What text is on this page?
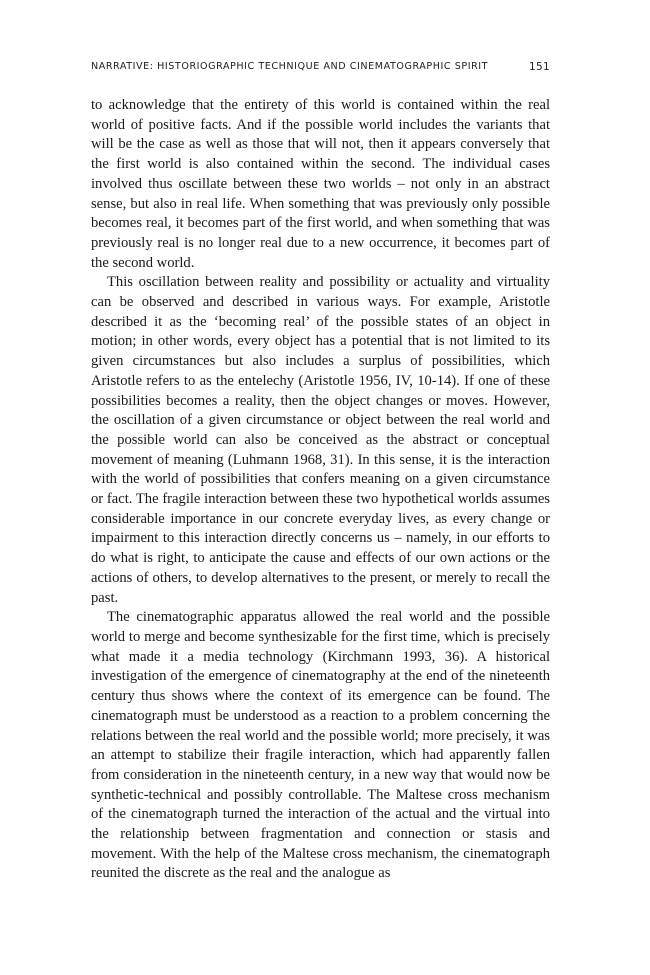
NARRATIVE: HISTORIOGRAPHIC TECHNIQUE AND CINEMATOGRAPHIC SPIRIT	151

to acknowledge that the entirety of this world is contained within the real world of positive facts. And if the possible world includes the variants that will be the case as well as those that will not, then it appears conversely that the first world is also contained within the second. The individual cases involved thus oscillate between these two worlds – not only in an abstract sense, but also in real life. When something that was previously only possible becomes real, it becomes part of the first world, and when something that was previously real is no longer real due to a new occurrence, it becomes part of the second world.

This oscillation between reality and possibility or actuality and virtuality can be observed and described in various ways. For example, Aristotle described it as the ‘becoming real’ of the possible states of an object in motion; in other words, every object has a potential that is not limited to its given circumstances but also includes a surplus of possibilities, which Aristotle refers to as the entelechy (Aristotle 1956, IV, 10-14). If one of these possibilities becomes a reality, then the object changes or moves. However, the oscillation of a given circumstance or object between the real world and the possible world can also be conceived as the abstract or conceptual movement of meaning (Luhmann 1968, 31). In this sense, it is the interaction with the world of possibilities that confers meaning on a given circumstance or fact. The fragile interaction between these two hypothetical worlds assumes considerable importance in our concrete everyday lives, as every change or impairment to this interaction directly concerns us – namely, in our efforts to do what is right, to anticipate the cause and effects of our own actions or the actions of others, to develop alternatives to the present, or merely to recall the past.

The cinematographic apparatus allowed the real world and the possible world to merge and become synthesizable for the first time, which is precisely what made it a media technology (Kirchmann 1993, 36). A historical investigation of the emergence of cinematography at the end of the nineteenth century thus shows where the context of its emergence can be found. The cinematograph must be understood as a reaction to a problem concerning the relations between the real world and the possible world; more precisely, it was an attempt to stabilize their fragile interaction, which had apparently fallen from consideration in the nineteenth century, in a new way that would now be synthetic-technical and possibly controllable. The Maltese cross mechanism of the cinematograph turned the interaction of the actual and the virtual into the relationship between fragmentation and connection or stasis and movement. With the help of the Maltese cross mechanism, the cinematograph reunited the discrete as the real and the analogue as
